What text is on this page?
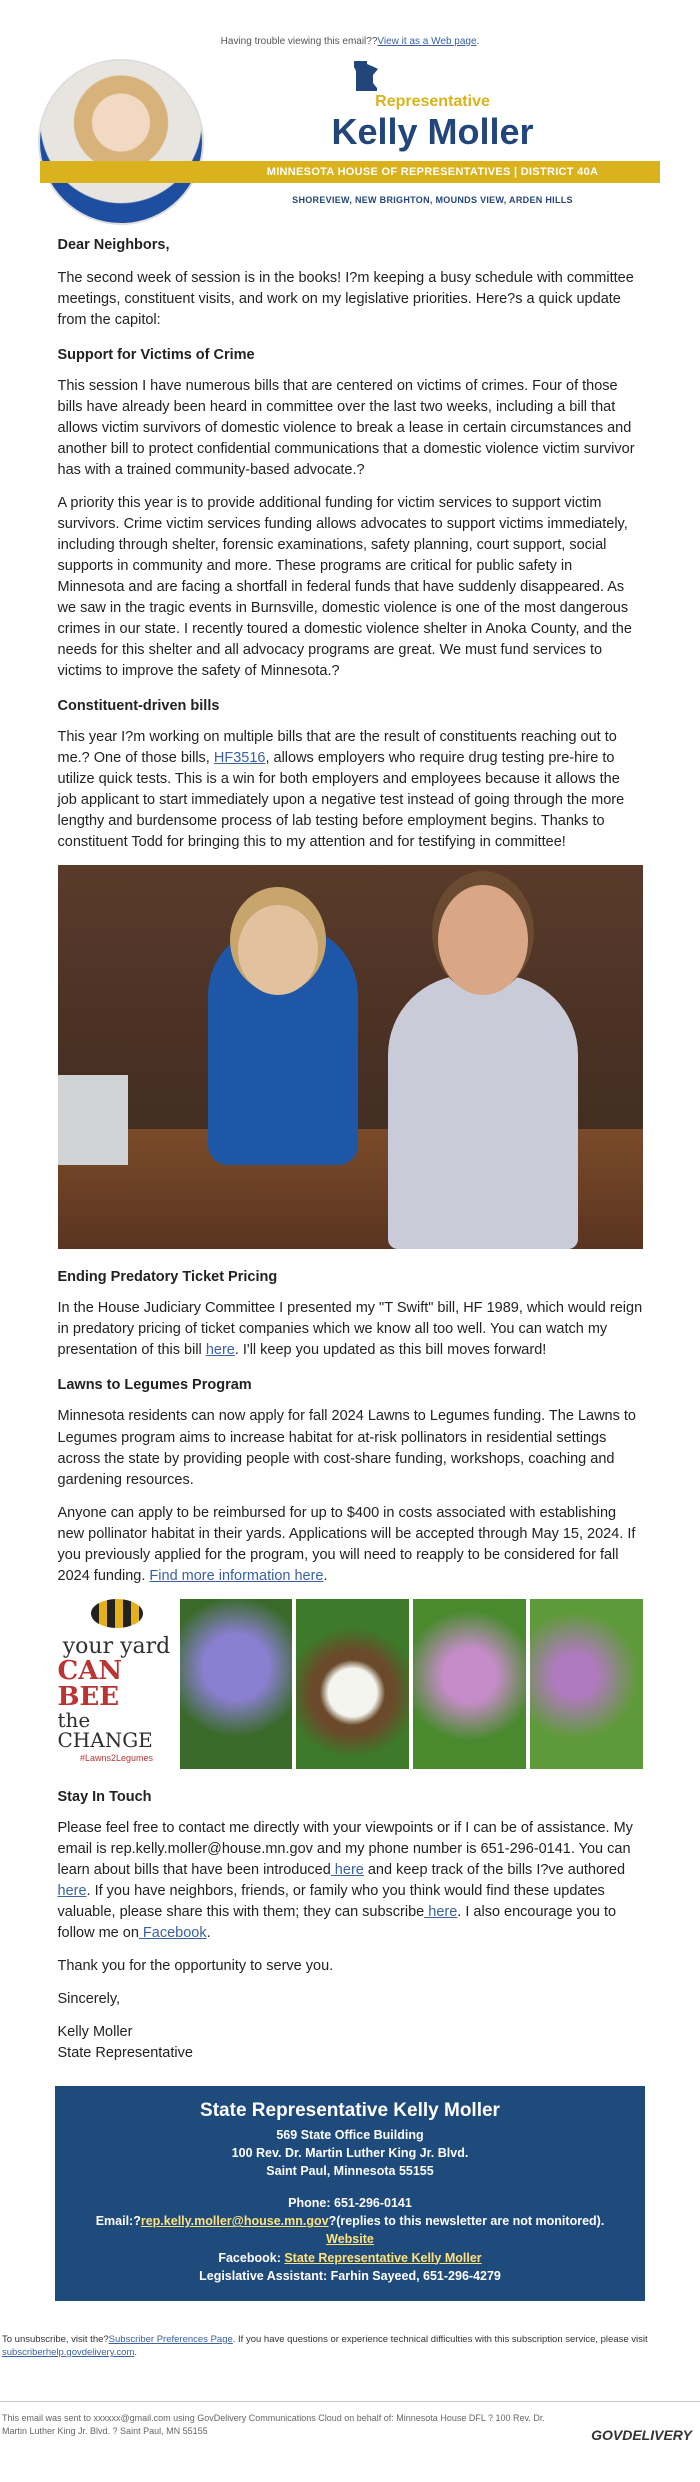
Having trouble viewing this email??View it as a Web page.
Representative
Kelly Moller
MINNESOTA HOUSE OF REPRESENTATIVES | DISTRICT 40A
SHOREVIEW, NEW BRIGHTON, MOUNDS VIEW, ARDEN HILLS

Dear Neighbors,

The second week of session is in the books! I?m keeping a busy schedule with committee meetings, constituent visits, and work on my legislative priorities. Here?s a quick update from the capitol:

Support for Victims of Crime

This session I have numerous bills that are centered on victims of crimes. Four of those bills have already been heard in committee over the last two weeks, including a bill that allows victim survivors of domestic violence to break a lease in certain circumstances and another bill to protect confidential communications that a domestic violence victim survivor has with a trained community-based advocate.?

A priority this year is to provide additional funding for victim services to support victim survivors. Crime victim services funding allows advocates to support victims immediately, including through shelter, forensic examinations, safety planning, court support, social supports in community and more. These programs are critical for public safety in Minnesota and are facing a shortfall in federal funds that have suddenly disappeared. As we saw in the tragic events in Burnsville, domestic violence is one of the most dangerous crimes in our state. I recently toured a domestic violence shelter in Anoka County, and the needs for this shelter and all advocacy programs are great. We must fund services to victims to improve the safety of Minnesota.?

Constituent-driven bills

This year I?m working on multiple bills that are the result of constituents reaching out to me.? One of those bills, HF3516, allows employers who require drug testing pre-hire to utilize quick tests. This is a win for both employers and employees because it allows the job applicant to start immediately upon a negative test instead of going through the more lengthy and burdensome process of lab testing before employment begins. Thanks to constituent Todd for bringing this to my attention and for testifying in committee!

Ending Predatory Ticket Pricing

In the House Judiciary Committee I presented my "T Swift" bill, HF 1989, which would reign in predatory pricing of ticket companies which we know all too well. You can watch my presentation of this bill here. I'll keep you updated as this bill moves forward!

Lawns to Legumes Program

Minnesota residents can now apply for fall 2024 Lawns to Legumes funding. The Lawns to Legumes program aims to increase habitat for at-risk pollinators in residential settings across the state by providing people with cost-share funding, workshops, coaching and gardening resources.

Anyone can apply to be reimbursed for up to $400 in costs associated with establishing new pollinator habitat in their yards. Applications will be accepted through May 15, 2024. If you previously applied for the program, you will need to reapply to be considered for fall 2024 funding. Find more information here.

your yard
CAN BEE
the CHANGE
#Lawns2Legumes
Stay In Touch

Please feel free to contact me directly with your viewpoints or if I can be of assistance. My email is rep.kelly.moller@house.mn.gov and my phone number is 651-296-0141. You can learn about bills that have been introduced here and keep track of the bills I?ve authored here. If you have neighbors, friends, or family who you think would find these updates valuable, please share this with them; they can subscribe here. I also encourage you to follow me on Facebook.

Thank you for the opportunity to serve you.

Sincerely,

Kelly Moller
State Representative

State Representative Kelly Moller
569 State Office Building
100 Rev. Dr. Martin Luther King Jr. Blvd.
Saint Paul, Minnesota 55155
Phone: 651-296-0141
Email:?rep.kelly.moller@house.mn.gov?(replies to this newsletter are not monitored).
Website
Facebook: State Representative Kelly Moller
Legislative Assistant: Farhin Sayeed, 651-296-4279
To unsubscribe, visit the?Subscriber Preferences Page. If you have questions or experience technical difficulties with this subscription service, please visit subscriberhelp.govdelivery.com.
This email was sent to xxxxxx@gmail.com using GovDelivery Communications Cloud on behalf of: Minnesota House DFL ? 100 Rev. Dr. Martin Luther King Jr. Blvd. ? Saint Paul, MN 55155	GOVDELIVERY
